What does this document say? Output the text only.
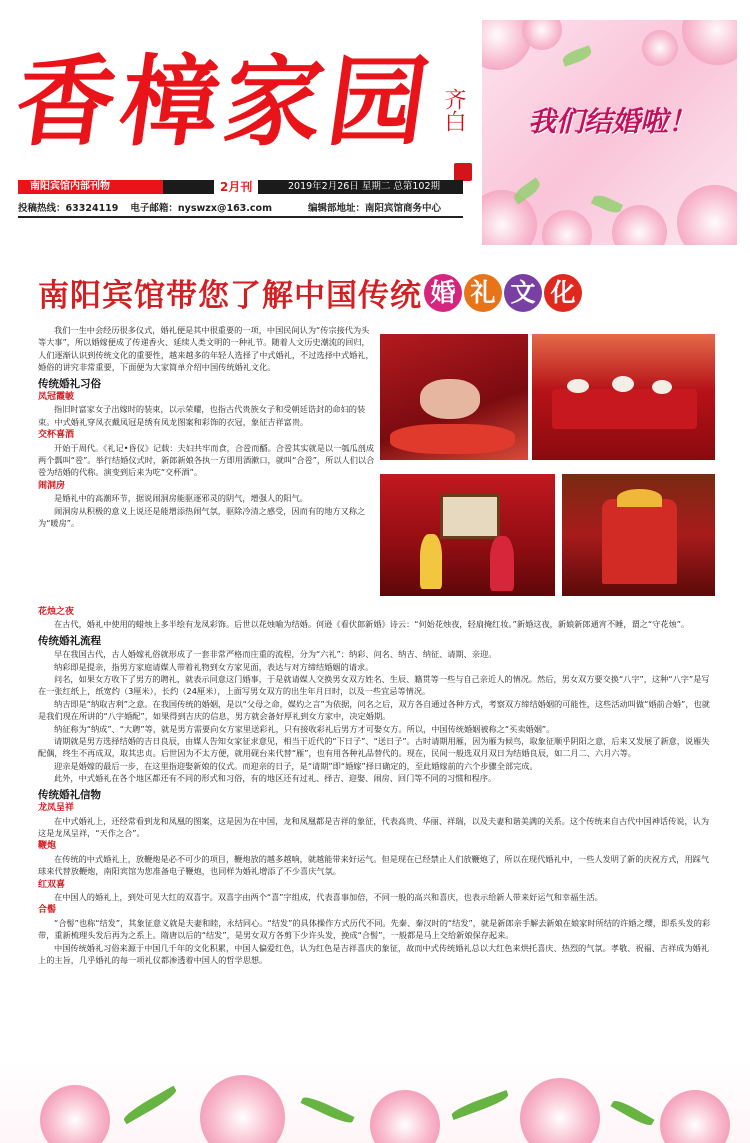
香樟家园 齐白
南阳宾馆内部刊物	2月刊	2019年2月26日 星期二 总第102期
投稿热线：63324119 电子邮箱：nyswzx@163.com	编辑部地址：南阳宾馆商务中心
我们结婚啦！
南阳宾馆带您了解中国传统 婚 礼 文 化

我们一生中会经历很多仪式，婚礼便是其中很重要的一项，中国民间认为“传宗接代为头等大事”，所以婚嫁便成了传递香火、延续人类文明的一种礼节。随着人文历史潮流的回归，人们逐渐认识到传统文化的重要性，越来越多的年轻人选择了中式婚礼，不过选择中式婚礼，婚俗的讲究非常重要，下面便为大家简单介绍中国传统婚礼文化。

传统婚礼习俗
凤冠霞帔

指旧时富家女子出嫁时的装束，以示荣耀，也指古代贵族女子和受朝廷诰封的命妇的装束。中式婚礼穿凤衣戴凤冠是绣有凤龙图案和彩饰的衣冠，象征吉祥富贵。

交杯喜酒

开始于周代。《礼记•昏仪》记载：夫妇共牢而食，合卺而醑。合卺其实就是以一瓠瓜剖成两个瓢叫“卺”。举行结婚仪式时，新郎新娘各执一方即用酒漱口，就叫“合卺”，所以人们以合卺为结婚的代称。演变到后来为吃“交杯酒”。

闹洞房

是婚礼中的高潮环节，据说闹洞房能驱逐邪灵的阴气，增强人的阳气。

闹洞房从积极的意义上说还是能增添热闹气氛，驱除冷清之感受，因而有的地方又称之为“暖房”。

花烛之夜

在古代，婚礼中使用的蜡烛上多半绘有龙凤彩饰。后世以花烛喻为结婚。何逊《看伏郎新婚》诗云：“何始花烛夜，轻扇掩红妆。”新婚这夜，新娘新郎通宵不睡，谓之“守花烛”。

传统婚礼流程

早在我国古代，古人婚嫁礼俗就形成了一套非常严格而庄重的流程，分为“六礼”：纳彩、问名、纳吉、纳征、请期、亲迎。

纳彩即是提亲，指男方家庭请媒人带着礼物到女方家见面，表达与对方缔结婚姻的请求。

问名，如果女方收下了男方的聘礼，就表示同意这门婚事，于是就请媒人交换男女双方姓名、生辰、籍贯等一些与自己亲近人的情况。然后，男女双方要交换“八字”，这种“八字”是写在一张红纸上，纸宽约（3厘米），长约（24厘米），上面写男女双方的出生年月日时，以及一些宜忌等情况。

纳吉即是“纳取吉利”之意。在我国传统的婚姻，是以“父母之命，媒妁之言”为依据，问名之后，双方各自通过各种方式，考察双方缔结婚姻的可能性，这些活动叫做“婚前合婚”，也就是我们现在所讲的“八字婚配”，如果得到吉庆的信息，男方就会备好厚礼到女方家中，决定婚期。

纳征称为“纳成”、“大聘”等，就是男方需要向女方家里送彩礼，只有接收彩礼后男方才可娶女方。所以，中国传统婚姻被称之“买卖婚姻”。

请期就是男方选择结婚的吉日良辰，由媒人告知女家征求意见，相当于近代的“下日子”、“送日子”。古时请期用雁，因为雁为候鸟，取象征顺乎阴阳之意，后来又发展了新意，说雁失配偶，终生不再成双，取其忠贞。后世因为不太方便，就用砚台来代替“雁”，也有用各种礼品替代的。现在，民间一般选双月双日为结婚良辰，如二月二、六月六等。

迎亲是婚嫁的最后一步，在这里指迎娶新娘的仪式。而迎亲的日子，是“请期”即“婚嫁”择日确定的，至此婚嫁前的六个步骤全部完成。

此外，中式婚礼在各个地区都还有不同的形式和习俗，有的地区还有过礼、择吉、迎娶、闹房、回门等不同的习惯和程序。

传统婚礼信物
龙凤呈祥

在中式婚礼上，还经常看到龙和凤凰的图案，这是因为在中国，龙和凤凰都是吉祥的象征，代表高贵、华丽、祥瑞，以及夫妻和谐美满的关系。这个传统来自古代中国神话传说，认为这是龙凤呈祥，“天作之合”。

鞭炮

在传统的中式婚礼上，放鞭炮是必不可少的项目，鞭炮放的越多越响，就越能带来好运气。但是现在已经禁止人们放鞭炮了，所以在现代婚礼中，一些人发明了新的庆祝方式，用踩气球来代替放鞭炮，南阳宾馆为您准备电子鞭炮，也同样为婚礼增添了不少喜庆气氛。

红双喜

在中国人的婚礼上，到处可见大红的双喜字。双喜字由两个“喜”字组成，代表喜事加倍，不同一般的高兴和喜庆，也表示给新人带来好运气和幸福生活。

合髻

“合髻”也称“结发”，其象征意义就是夫妻和睦，永结同心。“结发”的具体操作方式历代不同。先秦、秦汉时的“结发”，就是新郎亲手解去新娘在娘家时所结的许婚之缨，即系头发的彩带，重新梳理头发后再为之系上。隋唐以后的“结发”，是男女双方各剪下少许头发，挽成“合髻”，一般都是马上交给新娘保存起来。

中国传统婚礼习俗来源于中国几千年的文化积累，中国人偏爱红色，认为红色是吉祥喜庆的象征，故而中式传统婚礼总以大红色来烘托喜庆、热烈的气氛。孝敬、祝福、吉祥成为婚礼上的主旨，几乎婚礼的每一项礼仪都渗透着中国人的哲学思想。
